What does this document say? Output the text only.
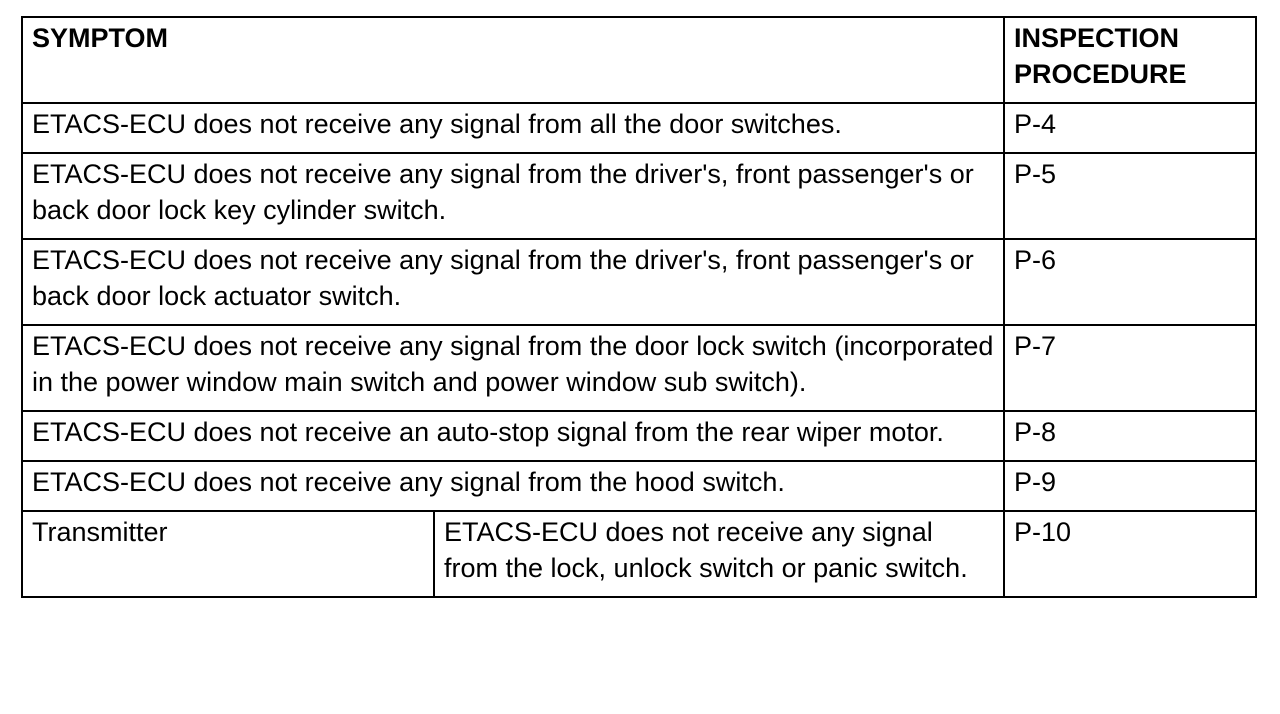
SYMPTOM		INSPECTION PROCEDURE
ETACS-ECU does not receive any signal from all the door switches.		P-4
ETACS-ECU does not receive any signal from the driver's, front passenger's or back door lock key cylinder switch.		P-5
ETACS-ECU does not receive any signal from the driver's, front passenger's or back door lock actuator switch.		P-6
ETACS-ECU does not receive any signal from the door lock switch (incorporated in the power window main switch and power window sub switch).		P-7
ETACS-ECU does not receive an auto-stop signal from the rear wiper motor.		P-8
ETACS-ECU does not receive any signal from the hood switch.		P-9
Transmitter	ETACS-ECU does not receive any signal from the lock, unlock switch or panic switch.	P-10
